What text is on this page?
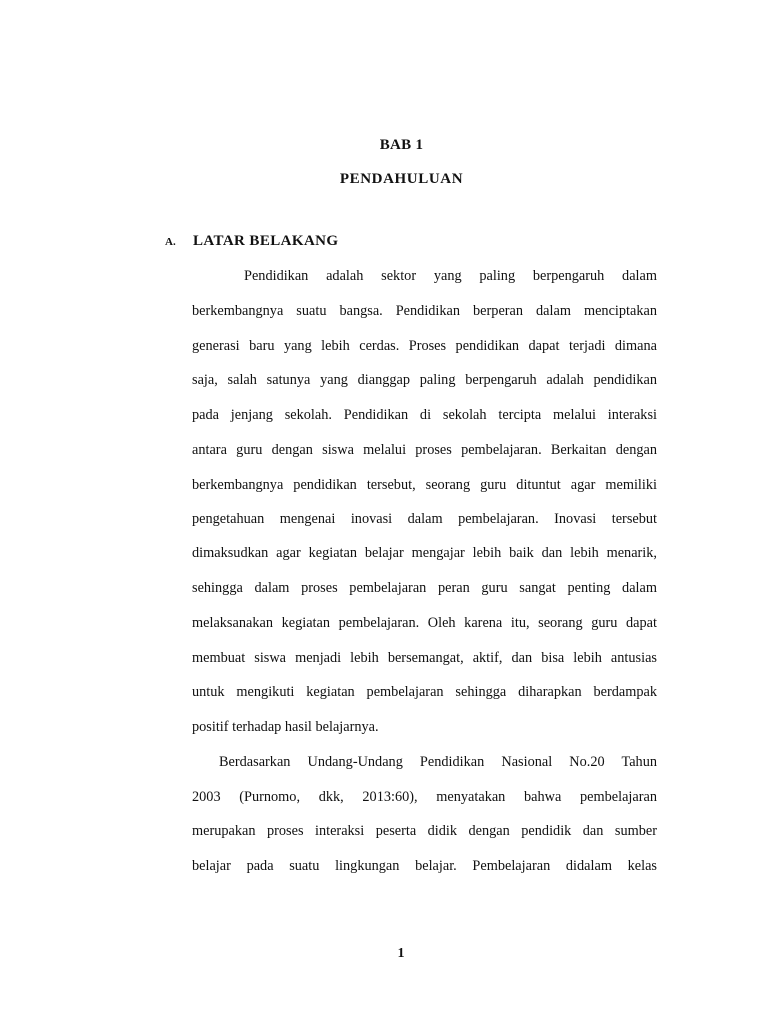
BAB 1
PENDAHULUAN
A. LATAR BELAKANG
Pendidikan adalah sektor yang paling berpengaruh dalam
berkembangnya suatu bangsa. Pendidikan berperan dalam menciptakan
generasi baru yang lebih cerdas. Proses pendidikan dapat terjadi dimana
saja, salah satunya yang dianggap paling berpengaruh adalah pendidikan
pada jenjang sekolah. Pendidikan di sekolah tercipta melalui interaksi
antara guru dengan siswa melalui proses pembelajaran. Berkaitan dengan
berkembangnya pendidikan tersebut, seorang guru dituntut agar memiliki
pengetahuan mengenai inovasi dalam pembelajaran. Inovasi tersebut
dimaksudkan agar kegiatan belajar mengajar lebih baik dan lebih menarik,
sehingga dalam proses pembelajaran peran guru sangat penting dalam
melaksanakan kegiatan pembelajaran. Oleh karena itu, seorang guru dapat
membuat siswa menjadi lebih bersemangat, aktif, dan bisa lebih antusias
untuk mengikuti kegiatan pembelajaran sehingga diharapkan berdampak
positif terhadap hasil belajarnya.
Berdasarkan Undang-Undang Pendidikan Nasional No.20 Tahun
2003 (Purnomo, dkk, 2013:60), menyatakan bahwa pembelajaran
merupakan proses interaksi peserta didik dengan pendidik dan sumber
belajar pada suatu lingkungan belajar. Pembelajaran didalam kelas
1
